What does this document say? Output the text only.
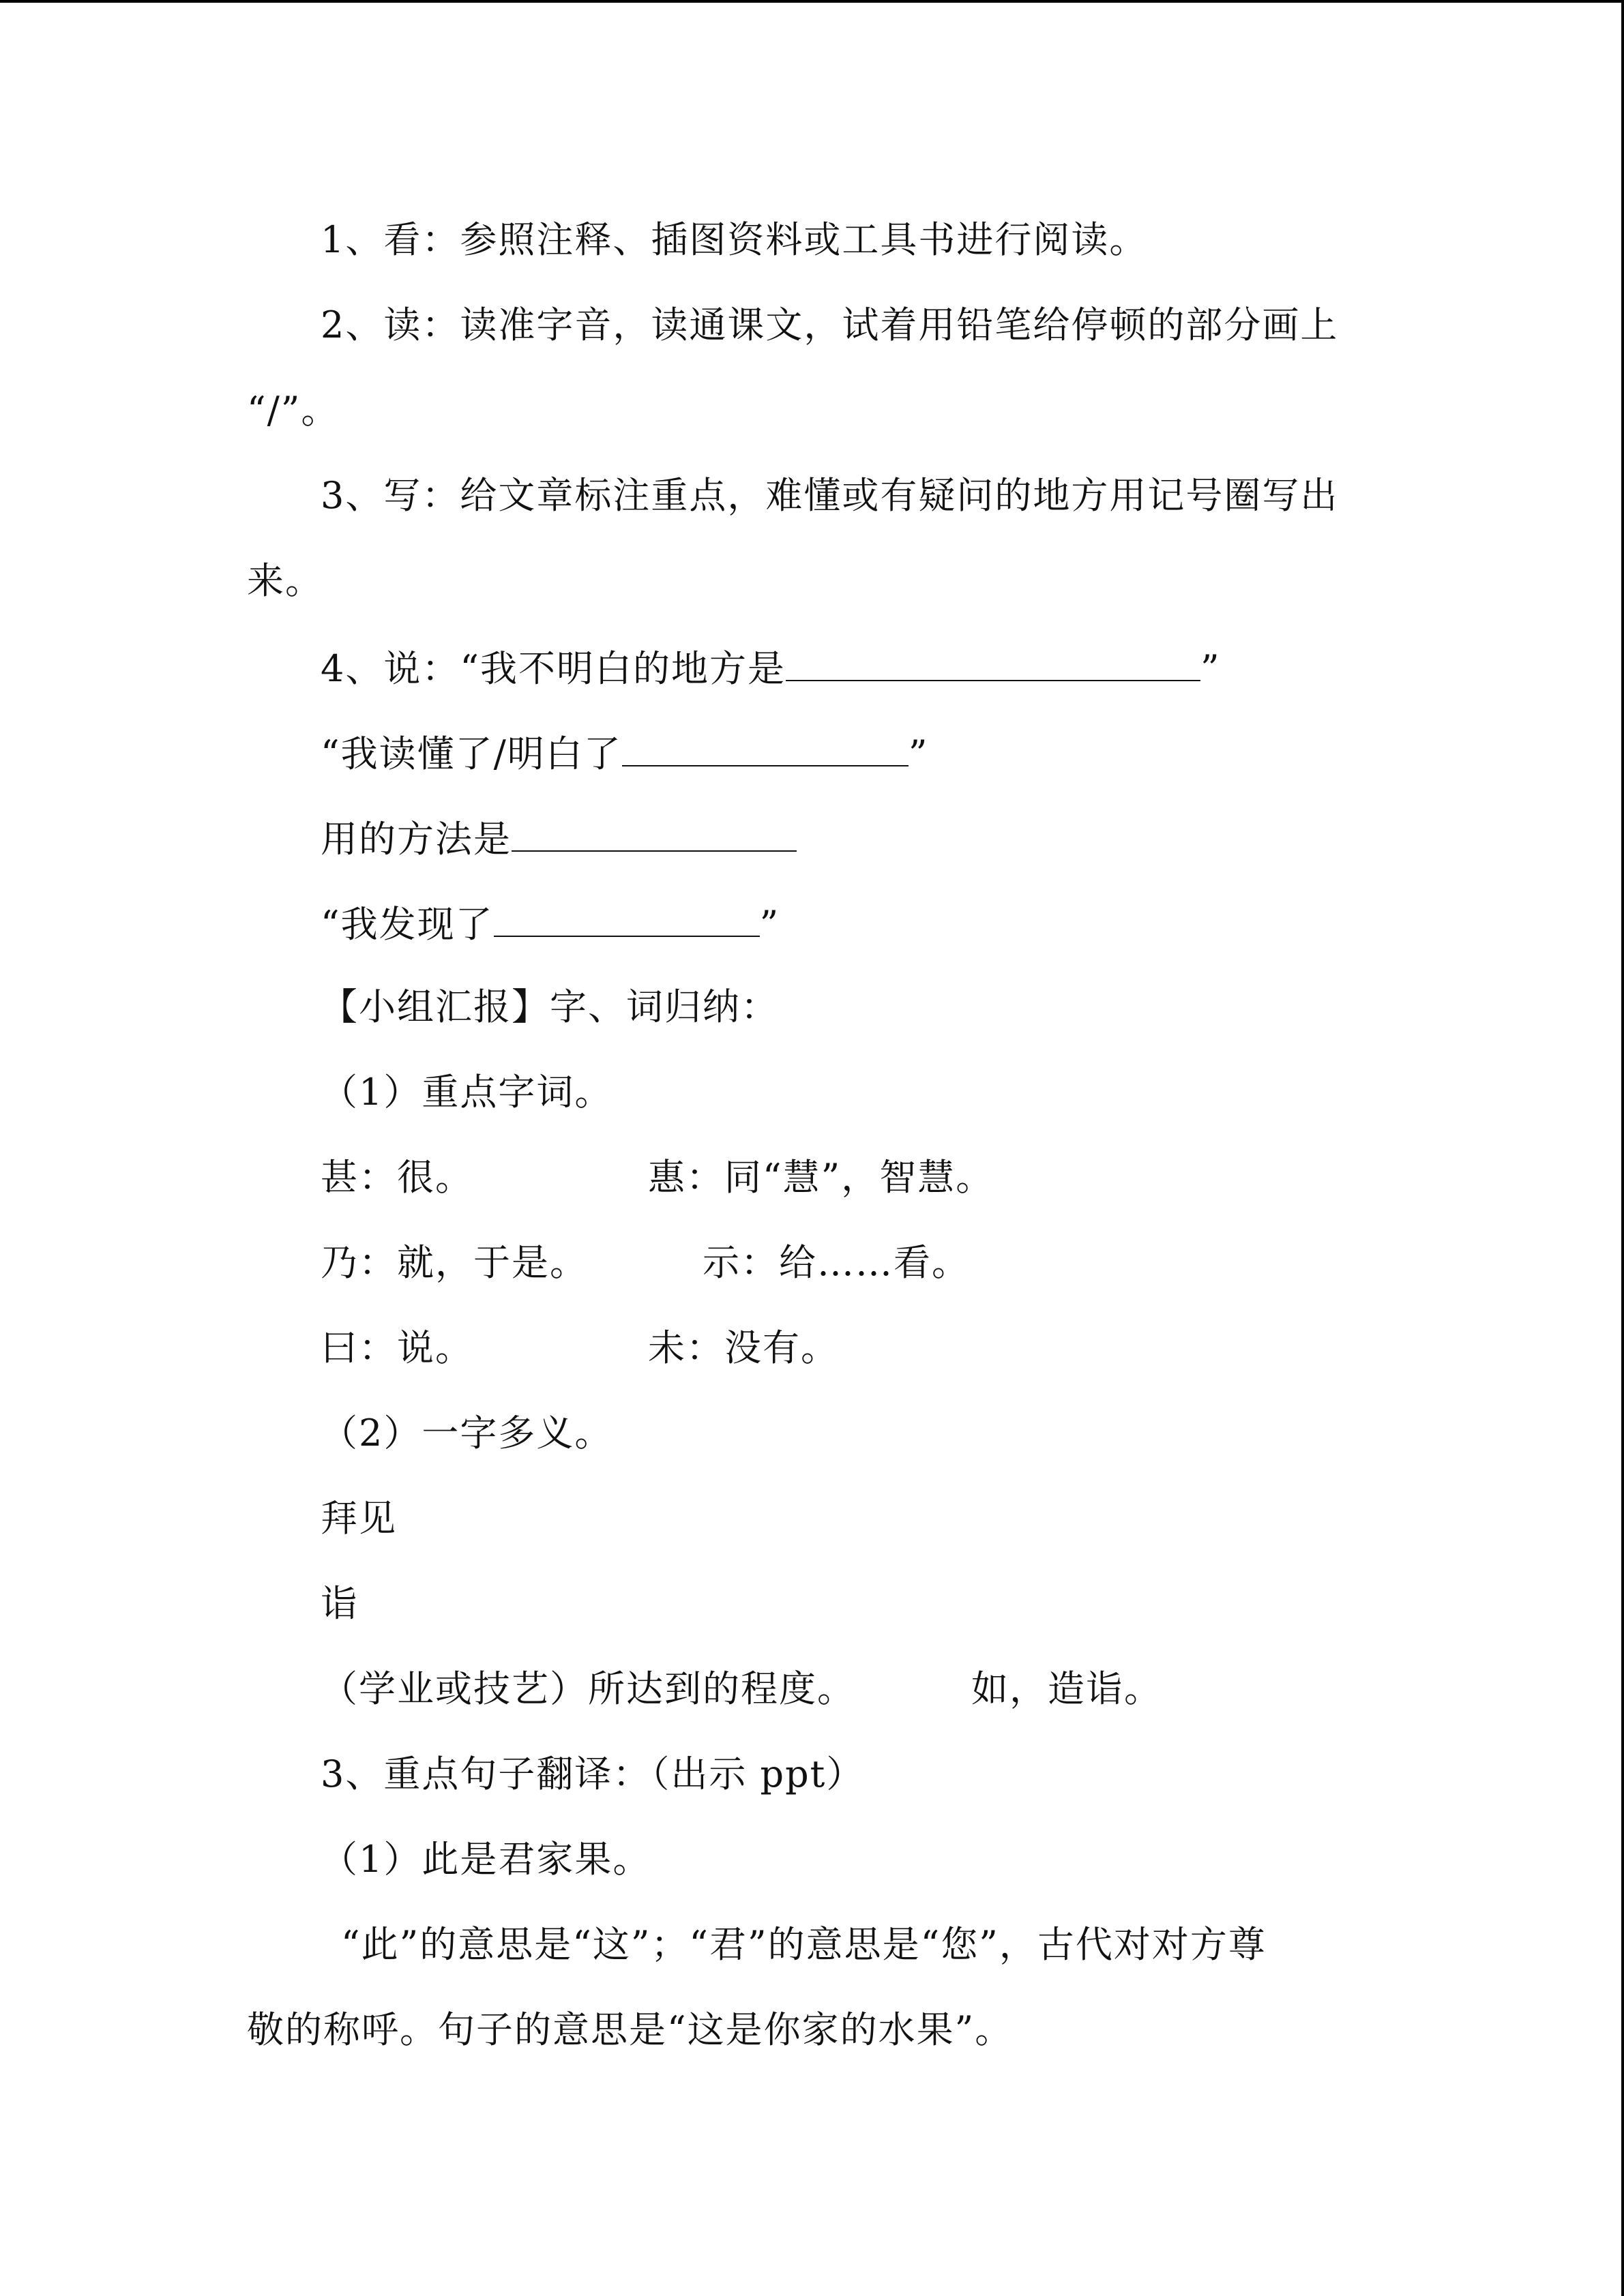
1、看：参照注释、插图资料或工具书进行阅读。
2、读：读准字音，读通课文，试着用铅笔给停顿的部分画上
“/”。
3、写：给文章标注重点，难懂或有疑问的地方用记号圈写出
来。
4、说：“我不明白的地方是	”
“我读懂了/明白了	”
用的方法是
“我发现了	”
【小组汇报】字、词归纳：
（1）重点字词。
甚：很。	惠：同“慧”，智慧。
乃：就，于是。	示：给……看。
曰：说。	未：没有。
（2）一字多义。
拜见
诣
（学业或技艺）所达到的程度。	如，造诣。
3、重点句子翻译：（出示 ppt）
（1）此是君家果。
“此”的意思是“这”；“君”的意思是“您”，古代对对方尊
敬的称呼。句子的意思是“这是你家的水果”。
